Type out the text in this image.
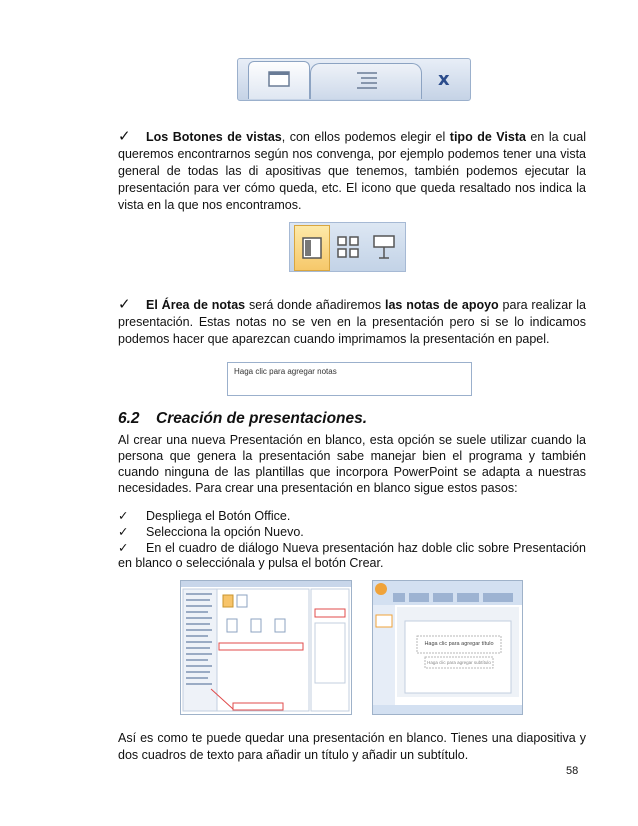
x

✓ Los Botones de vistas, con ellos podemos elegir el tipo de Vista en la cual queremos encontrarnos según nos convenga, por ejemplo podemos tener una vista general de todas las di apositivas que tenemos, también podemos ejecutar la presentación para ver cómo queda, etc. El icono que queda resaltado nos indica la vista en la que nos encontramos.

✓ El Área de notas será donde añadiremos las notas de apoyo para realizar la presentación. Estas notas no se ven en la presentación pero si se lo indicamos podemos hacer que aparezcan cuando imprimamos la presentación en papel.

Haga clic para agregar notas
6.2 Creación de presentaciones.

Al crear una nueva Presentación en blanco, esta opción se suele utilizar cuando la persona que genera la presentación sabe manejar bien el programa y también cuando ninguna de las plantillas que incorpora PowerPoint se adapta a nuestras necesidades. Para crear una presentación en blanco sigue estos pasos:

✓ Despliega el Botón Office.
✓ Selecciona la opción Nuevo.
✓ En el cuadro de diálogo Nueva presentación haz doble clic sobre Presentación en blanco o selecciónala y pulsa el botón Crear.
Haga clic para agregar título
Haga clic para agregar subtítulo

Así es como te puede quedar una presentación en blanco. Tienes una diapositiva y dos cuadros de texto para añadir un título y añadir un subtítulo.

58
